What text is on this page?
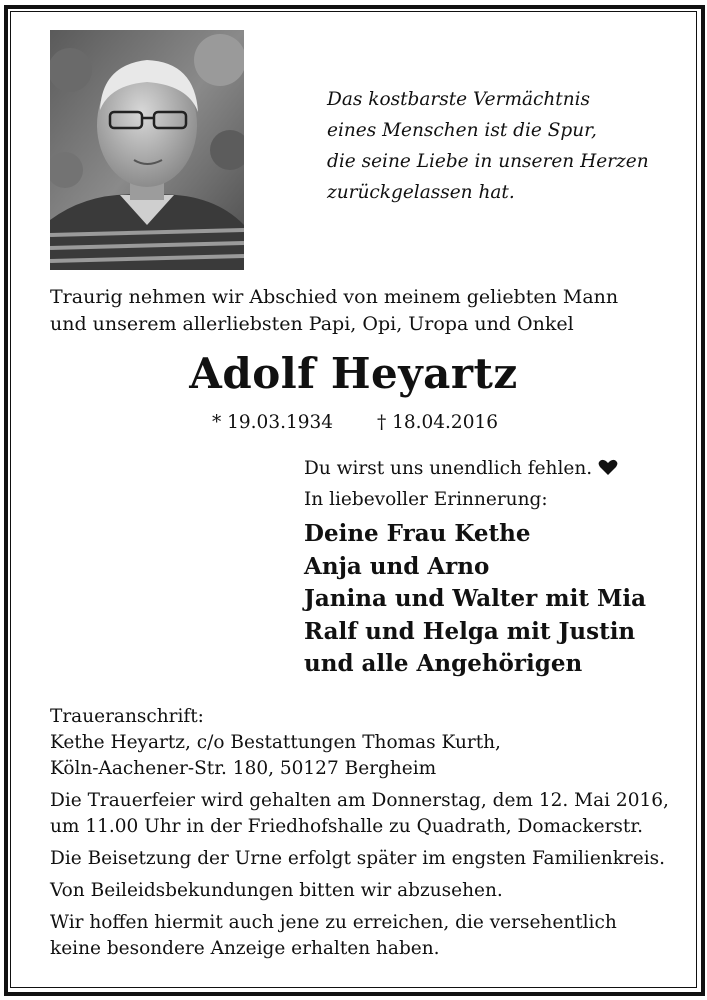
Das kostbarste Vermächtnis
eines Menschen ist die Spur,
die seine Liebe in unseren Herzen
zurückgelassen hat.
Traurig nehmen wir Abschied von meinem geliebten Mann
und unserem allerliebsten Papi, Opi, Uropa und Onkel
Adolf Heyartz
* 19.03.1934 † 18.04.2016
Du wirst uns unendlich fehlen.
In liebevoller Erinnerung:
Deine Frau Kethe
Anja und Arno
Janina und Walter mit Mia
Ralf und Helga mit Justin
und alle Angehörigen
Traueranschrift:
Kethe Heyartz, c/o Bestattungen Thomas Kurth,
Köln-Aachener-Str. 180, 50127 Bergheim
Die Trauerfeier wird gehalten am Donnerstag, dem 12. Mai 2016,
um 11.00 Uhr in der Friedhofshalle zu Quadrath, Domackerstr.
Die Beisetzung der Urne erfolgt später im engsten Familienkreis.
Von Beileidsbekundungen bitten wir abzusehen.
Wir hoffen hiermit auch jene zu erreichen, die versehentlich
keine besondere Anzeige erhalten haben.
